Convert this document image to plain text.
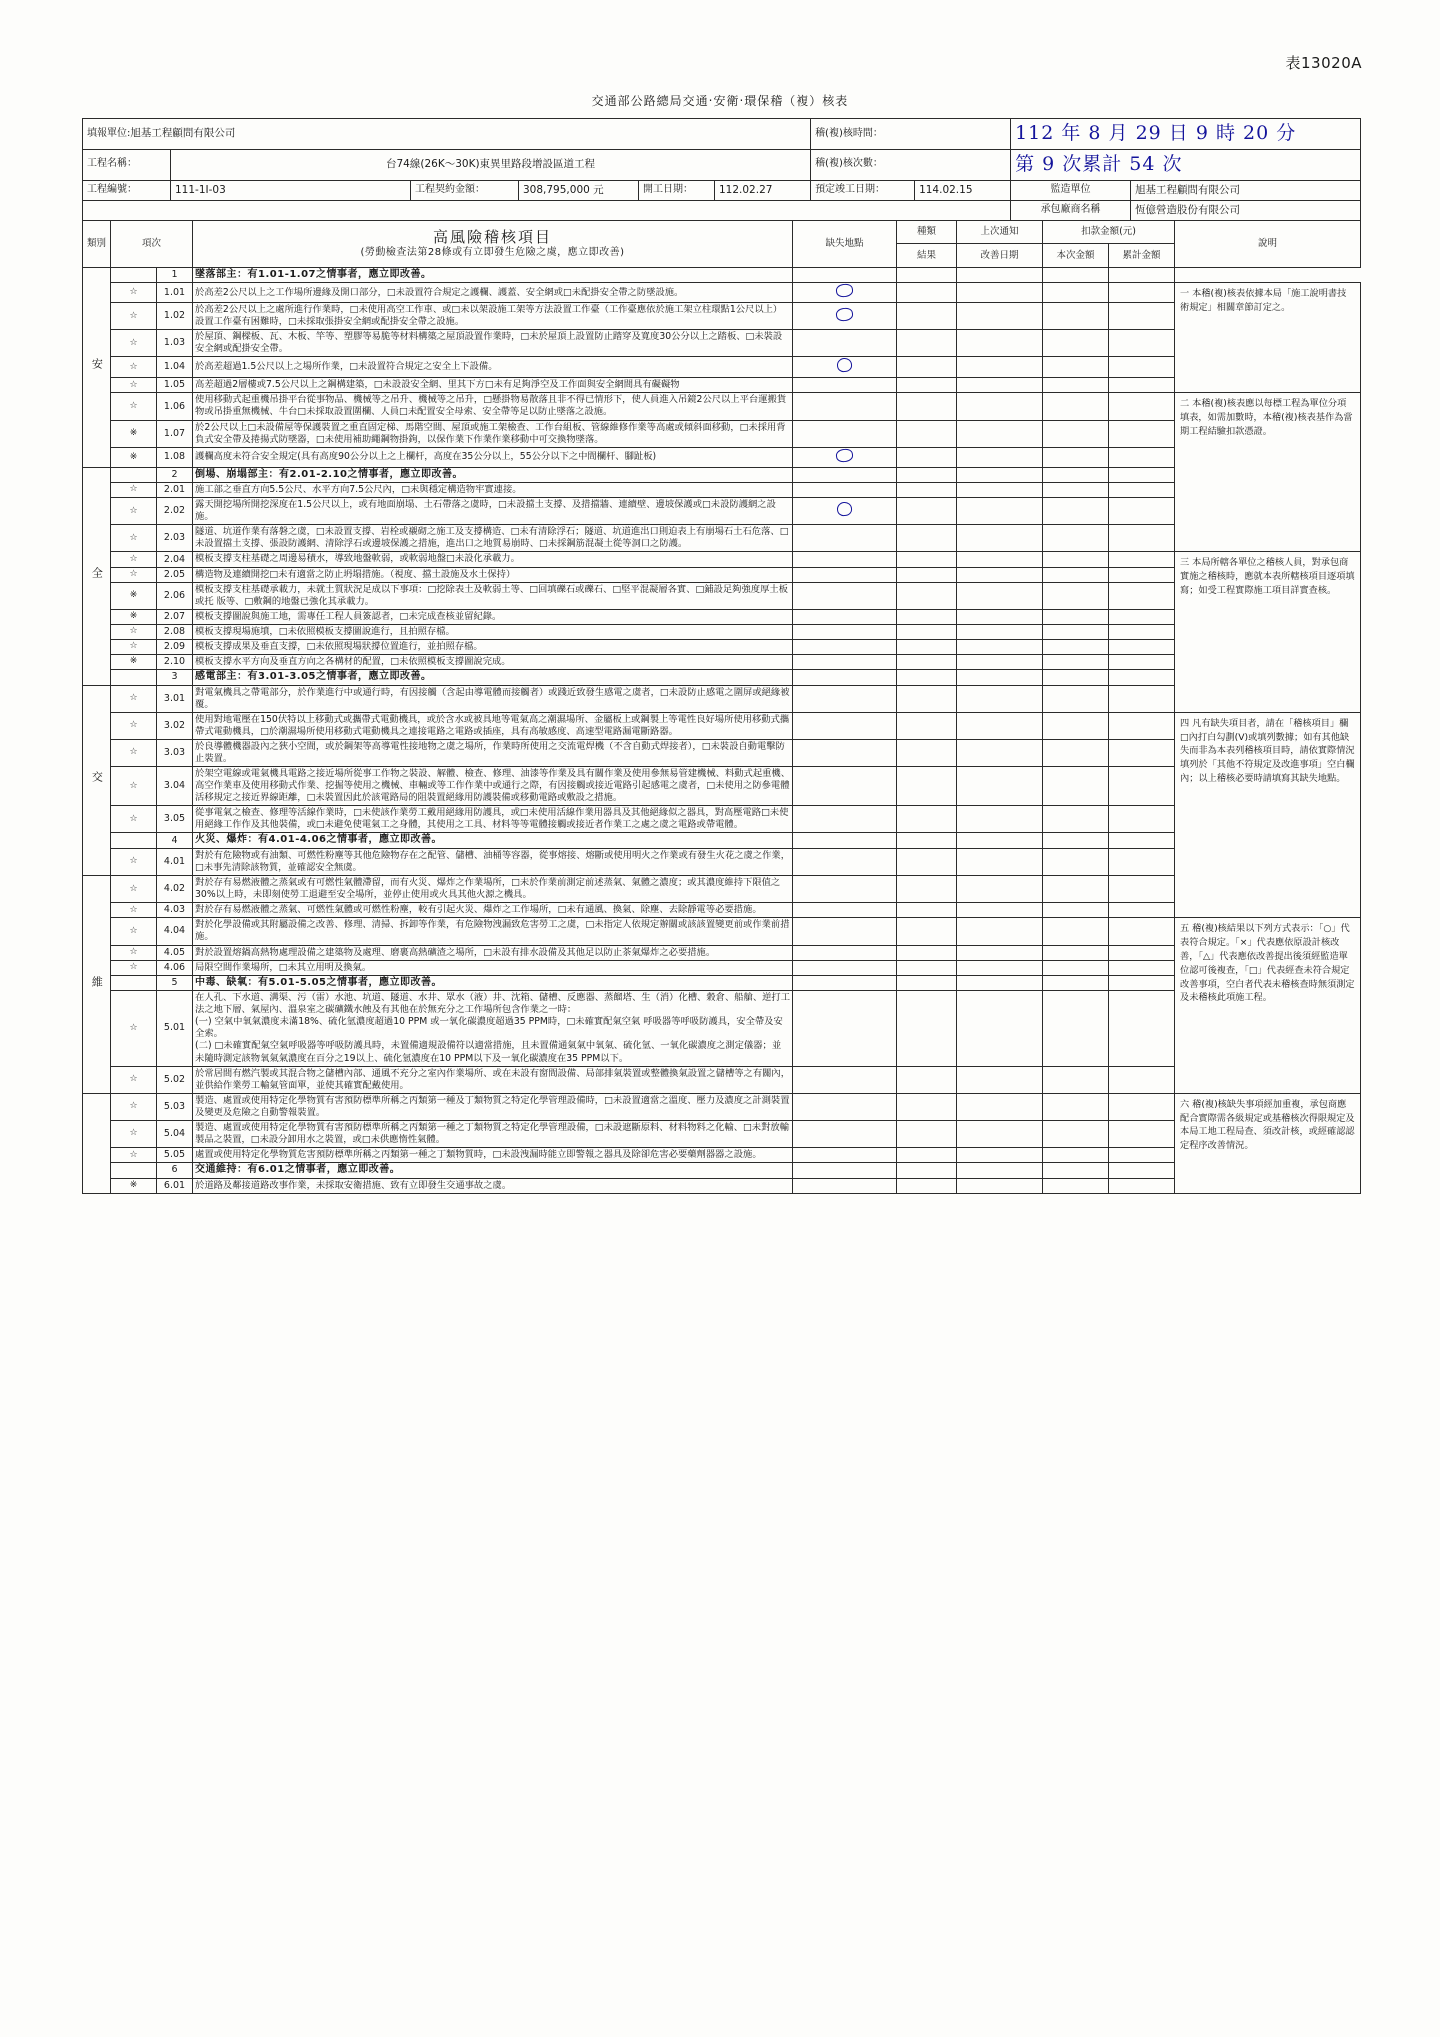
表13020A
交通部公路總局交通‧安衛‧環保稽（複）核表
填報單位:旭基工程顧問有限公司						稽(複)核時間：		112 年 8 月 29 日 9 時 20 分	
工程名稱：	台74線(26K～30K)東異里路段增設區道工程					稽(複)核次數：		第 9 次累計 54 次	
工程編號：	111-1I-03	工程契約金額：	308,795,000 元	開工日期：	112.02.27	預定竣工日期：	114.02.15	監造單位	旭基工程顧問有限公司
								承包廠商名稱	恆億營造股份有限公司
類別	項次		高風險稽核項目
(勞動檢查法第28條或有立即發生危險之虞，應立即改善)	缺失地點	種類	上次通知	扣款金額(元)		說明
					結果	改善日期	本次金額	累計金額	
安		1	墜落部主：有1.01-1.07之情事者，應立即改善。						
	☆	1.01	於高差2公尺以上之工作場所邊緣及開口部分，□未設置符合規定之護欄、護蓋、安全網或□未配掛安全帶之防墜設施。						一 本稽(複)核表依據本局「施工說明書技術規定」相關章節訂定之。
	☆	1.02	於高差2公尺以上之處所進行作業時，□未使用高空工作車、或□未以架設施工架等方法設置工作臺（工作臺應依於施工架立柱環點1公尺以上）設置工作臺有困難時，□未採取張掛安全網或配掛安全帶之設施。						
	☆	1.03	於屋頂、鋼樑板、瓦、木板、竿等、塑膠等易脆等材料構築之屋頂設置作業時，□未於屋頂上設置防止踏穿及寬度30公分以上之踏板、□未裝設安全網或配掛安全帶。						
	☆	1.04	於高差超過1.5公尺以上之場所作業，□未設置符合規定之安全上下設備。						
	☆	1.05	高差超過2層樓或7.5公尺以上之鋼構建築，□未設設安全網、里其下方□未有足夠淨空及工作面與安全網間具有礙礙物						
	☆	1.06	使用移動式起重機吊掛平台從事物品、機械等之吊升、機械等之吊升，□懸掛物易散落且非不得已情形下，使人員進入吊鏡2公尺以上平台運搬貨物或吊掛重無機械、牛台□未採取設置圍欄、人員□未配置安全母索、安全帶等足以防止墜落之設施。						二 本稽(複)核表應以每標工程為單位分項填表，如需加數時，本稽(複)核表基作為當期工程結驗扣款憑證。
	※	1.07	於2公尺以上□未設備屋等保護裝置之重直固定梯、馬階空間、屋頂或施工架檢查、工作台組板、管線維修作業等高處或傾斜面移動，□未採用背負式安全帶及捲揚式防墜器，□未使用補助繩鋼物掛鉤，以保作業下作業作業移動中可交換物墜落。						
	※	1.08	護欄高度未符合安全規定(具有高度90公分以上之上欄杆，高度在35公分以上，55公分以下之中間欄杆、腳趾板)						
全		2	倒場、崩塌部主：有2.01-2.10之情事者，應立即改善。						
	☆	2.01	施工部之垂直方向5.5公尺、水平方向7.5公尺內，□未與穩定構造物牢實連接。						
	☆	2.02	露天開挖場所開挖深度在1.5公尺以上，或有地面崩塌、土石帶落之虞時，□未設擋土支撐、及措擋牆、連續壁、邊坡保護或□未設防護網之設施。						
	☆	2.03	隧道、坑道作業有落磐之虞，□未設置支撐、岩栓或襯砌之施工及支撐構造、□未有清除浮石；隧道、坑道進出口則迫表上有崩場石土石危落、□未設置擋土支撐、張設防護網、清除浮石或邊坡保護之措施，進出口之地質易崩時、□未採鋼筋混凝土從等洞口之防護。						
	☆	2.04	模板支撐支柱基礎之周邊易積水，導致地盤軟弱，或軟弱地盤□未設化承載力。						三 本局所轄各單位之稽核人員，對承包商實施之稽核時，應就本表所轄核項目逐項填寫；如受工程實際施工項目詳實查核。
	☆	2.05	構造物及連續開挖□未有適當之防止坍塌措施。（視度、擋土設施及水土保持）						
	※	2.06	模板支撐支柱基礎承載力，未就土質狀況足成以下事項：□挖除表土及軟弱土等、□回填礫石或礫石、□堅平混凝層各實、□鋪設足夠強度厚土板或托 版等、□敷鋼的地盤已強化其承載力。						
	※	2.07	模板支撐圖說與施工地，需專任工程人員簽認者，□未完成查核並留紀錄。						
	☆	2.08	模板支撐現場施墳，□未依照模板支撐圖說進行，且拍照存檔。						
	☆	2.09	模板支撐成果及垂直支撐，□未依照現場狀撐位置進行，並拍照存檔。						
	※	2.10	模板支撐水平方向及垂直方向之各構材的配置，□未依照模板支撐圖說完成。						
		3	感電部主：有3.01-3.05之情事者，應立即改善。						
交	☆	3.01	對電氣機具之帶電部分，於作業進行中或通行時，有因接觸（含起由導電體而接觸者）或踐近致發生感電之虞者，□未設防止感電之圍屏或絕緣被覆。						
	☆	3.02	使用對地電壓在150伏特以上移動式或攜帶式電動機具，或於含水或被具地等電氣高之潮濕場所、金屬板上或鋼製上等電性良好場所使用移動式攜帶式電動機具，□於潮濕場所使用移動式電動機具之連接電路之電路或插座，具有高敏感度、高速型電路漏電斷路器。						四 凡有缺失項目者，請在「稽核項目」欄□內打白勾劃(V)或填列數據；如有其他缺失而非為本表列稽核項目時，請依實際情況填列於「其他不符規定及改進事項」空白欄內；以上稽核必要時請填寫其缺失地點。
	☆	3.03	於良導體機器設內之狹小空間，或於鋼架等高導電性接地物之虞之場所，作業時所使用之交流電焊機（不含自動式焊接者），□未裝設自動電擊防止裝置。						
	☆	3.04	於架空電線或電氣機具電路之接近場所從事工作物之裝設、解體、檢查、修理、油漆等作業及具有關作業及使用參無易管建機械、料動式起重機、高空作業車及使用移動式作業、挖掘等使用之機械、車輛或等工作作業中或通行之際，有因接觸或接近電路引起感電之虞者，□未使用之防參電體活移規定之接近界線距離，□未裝置因此於該電路局的阻裝置絕緣用防護裝備或移動電路或敷設之措施。						
	☆	3.05	從事電氣之檢查、修理等活線作業時，□未使該作業勞工戴用絕緣用防護具，或□未使用活線作業用器具及其他絕緣似之器具，對高壓電路□未使用絕緣工作作及其他裝備，或□未避免使電氣工之身體，其使用之工具、材料等等電體接觸或接近者作業工之處之虞之電路或帶電體。						
		4	火災、爆炸：有4.01-4.06之情事者，應立即改善。						
	☆	4.01	對於有危險物或有油類、可燃性粉塵等其他危險物存在之配管、儲槽、油桶等容器，從事熔接、熔斷或使用明火之作業或有發生火花之虞之作業，□未事先清除該物質，並確認安全無虞。						
維	☆	4.02	對於存有易燃液體之蒸氣或有可燃性氣體滯留，而有火災、爆炸之作業場所，□未於作業前測定前述蒸氣、氣體之濃度；或其濃度維持下限值之30%以上時，未即刻使勞工退避至安全場所，並停止使用或火具其他火源之機具。						
	☆	4.03	對於存有易燃液體之蒸氣、可燃性氣體或可燃性粉塵，較有引起火災、爆炸之工作場所，□未有通風、換氣、除塵、去除靜電等必要措施。						
	☆	4.04	對於化學設備或其附屬設備之改善、修理、清掃、拆卸等作業，有危險物洩漏致危害勞工之虞，□未指定人依規定辦關或該該置變更前或作業前措施。						五 稽(複)核結果以下列方式表示：「○」代表符合規定。「×」代表應依原設計核改善，「△」代表應依改善提出後須經監造單位認可後複查，「□」代表經查未符合規定改善事項，空白者代表未稽核查時無須測定及未稽核此項施工程。
	☆	4.05	對於設置熔鍋高熱物處理設備之建築物及處理、磨裹高熱礦渣之場所，□未設有排水設備及其他足以防止茶氣爆炸之必要措施。						
	☆	4.06	局限空間作業場所，□未其立用明及換氣。						
		5	中毒、缺氧：有5.01-5.05之情事者，應立即改善。						
	☆	5.01	在人孔、下水道、溝渠、污（雷）水池、坑道、隧道、水井、眾水（液）井、沈箱、儲槽、反應器、蒸餾塔、生（消）化槽、穀倉、船艙、逆打工法之地下層、氣屋內、溫泉室之碳礦鐵水蝕及有其他在於無充分之工作場所包含作業之一時：
(一) 空氣中氧氣濃度未滿18%、硫化氫濃度超過10 PPM 或一氧化碳濃度超過35 PPM時，□未確實配氣空氣 呼吸器等呼吸防護具，安全帶及安全索。
(二) □未確實配氣空氣呼吸器等呼吸防護具時，未置備適規設備符以適當措施，且未置備通氣氣中氧氣、硫化氫、一氧化碳濃度之測定儀器；並未隨時測定該物氧氣氣濃度在百分之19以上、硫化氫濃度在10 PPM以下及一氧化碳濃度在35 PPM以下。						
	☆	5.02	於常居間有燃汽製或其混合物之儲槽內部、通風不充分之室內作業場所、或在未設有窗間設備、局部排氣裝置或整體換氣設置之儲槽等之有關內，並供給作業勞工輸氣管面單，並使其確實配戴使用。						
	☆	5.03	製造、處置或使用特定化學物質有害預防標準所稱之丙類第一種及丁類物質之特定化學管理設備時，□未設置適當之溫度、壓力及濃度之計測裝置及變更及危險之自動警報裝置。						六 稽(複)核缺失事項經加重複，承包商應配合實際需各級規定或基稽核次得限規定及本局工地工程局查、須改計核，或經確認認定程序改善情況。
	☆	5.04	製造、處置或使用特定化學物質有害預防標準所稱之丙類第一種之丁類物質之特定化學管理設備，□未設遮斷原料、材料物料之化輸、□未對放輸製品之裝置，□未設分卸用水之裝置，或□未供應惰性氣體。						
	☆	5.05	處置或使用特定化學物質危害預防標準所稱之丙類第一種之丁類物質時，□未設洩漏時能立即警報之器具及除卻危害必要藥劑器器之設施。						
		6	交通維持：有6.01之情事者，應立即改善。						
	※	6.01	於道路及鄰接道路改事作業，未採取安衛措施、致有立即發生交通事故之虞。						
